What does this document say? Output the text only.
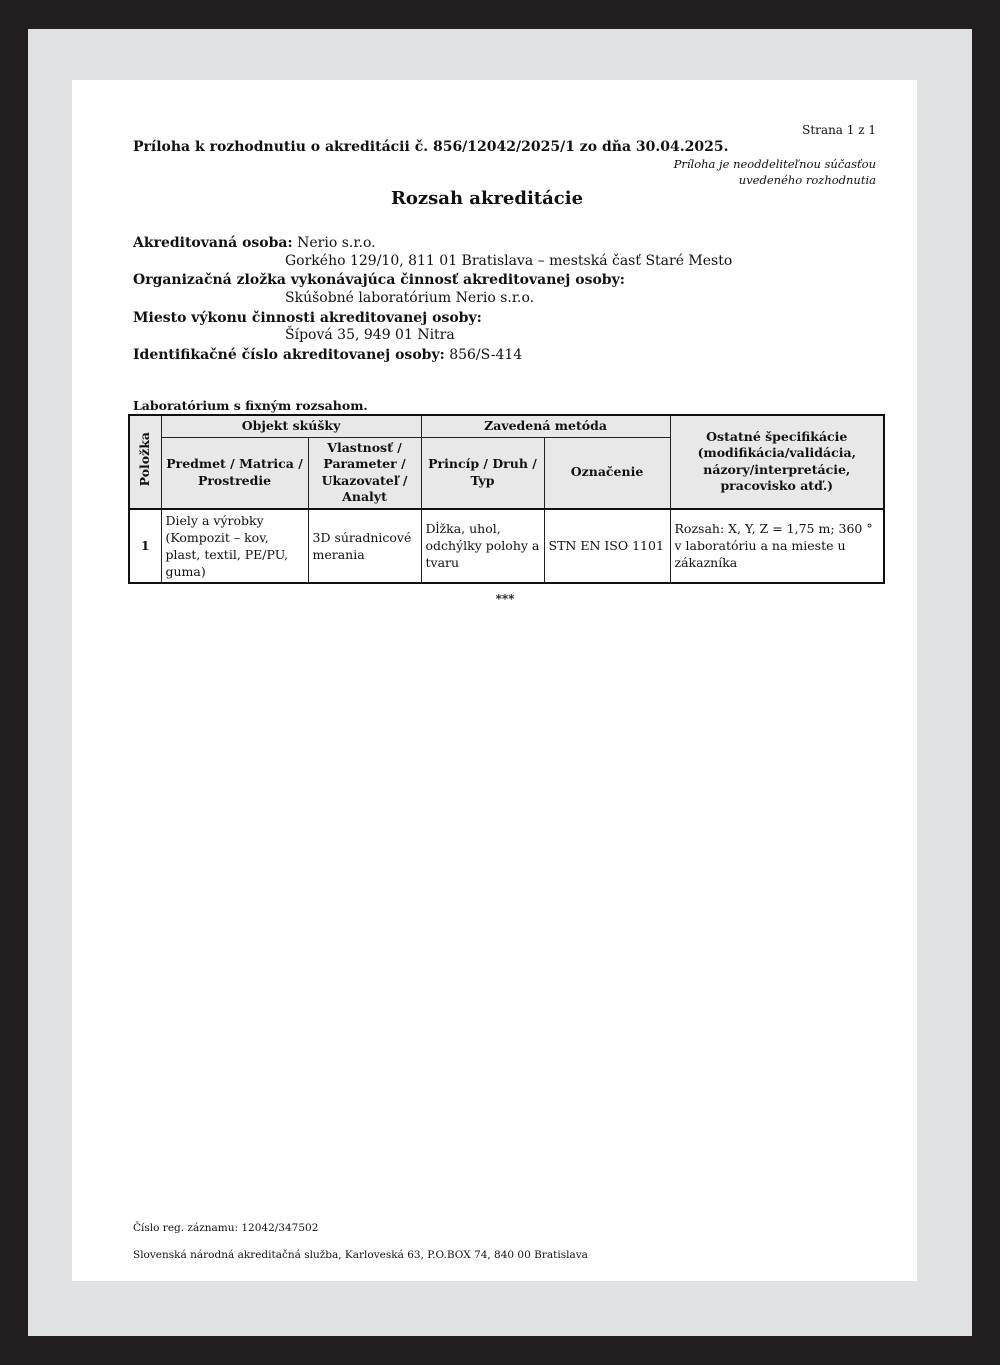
Strana 1 z 1
Príloha k rozhodnutiu o akreditácii č. 856/12042/2025/1 zo dňa 30.04.2025.
Príloha je neoddeliteľnou súčasťou
uvedeného rozhodnutia
Rozsah akreditácie
Akreditovaná osoba: Nerio s.r.o.
Gorkého 129/10, 811 01 Bratislava – mestská časť Staré Mesto
Organizačná zložka vykonávajúca činnosť akreditovanej osoby:
Skúšobné laboratórium Nerio s.r.o.
Miesto výkonu činnosti akreditovanej osoby:
Šípová 35, 949 01 Nitra
Identifikačné číslo akreditovanej osoby: 856/S-414
Laboratórium s fixným rozsahom.
Položka	Objekt skúšky		Zavedená metóda		Ostatné špecifikácie (modifikácia/validácia, názory/interpretácie, pracovisko atď.)
	Predmet / Matrica / Prostredie	Vlastnosť / Parameter / Ukazovateľ / Analyt	Princíp / Druh / Typ	Označenie	
1	Diely a výrobky (Kompozit – kov, plast, textil, PE/PU, guma)	3D súradnicové merania	Dĺžka, uhol, odchýlky polohy a tvaru	STN EN ISO 1101	Rozsah: X, Y, Z = 1,75 m; 360 ° v laboratóriu a na mieste u zákazníka
***
Číslo reg. záznamu: 12042/347502
Slovenská národná akreditačná služba, Karloveská 63, P.O.BOX 74, 840 00 Bratislava
